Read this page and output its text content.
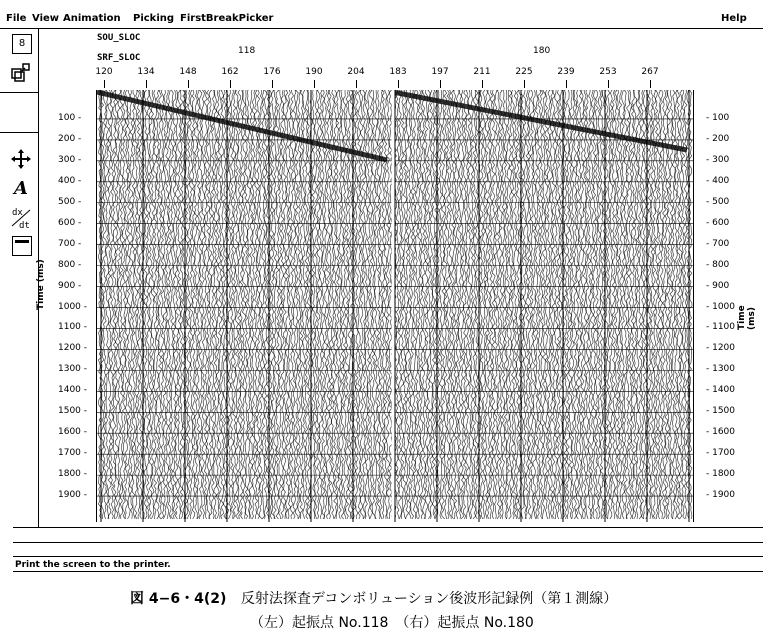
File View Animation Picking FirstBreakPicker	Help
8
A
dx
dt
SOU_SLOC
SRF_SLOC
118	180
120	134	148	162	176	190	204	183	197	211	225	239	253	267
Time (ms)
Time (ms)
100 -	- 100
200 -	- 200
300 -	- 300
400 -	- 400
500 -	- 500
600 -	- 600
700 -	- 700
800 -	- 800
900 -	- 900
1000 -	- 1000
1100 -	- 1100
1200 -	- 1200
1300 -	- 1300
1400 -	- 1400
1500 -	- 1500
1600 -	- 1600
1700 -	- 1700
1800 -	- 1800
1900 -	- 1900
Print the screen to the printer.
図 4−6・4(2) 反射法探査デコンボリューション後波形記録例（第１測線）
（左）起振点 No.118　（右）起振点 No.180
